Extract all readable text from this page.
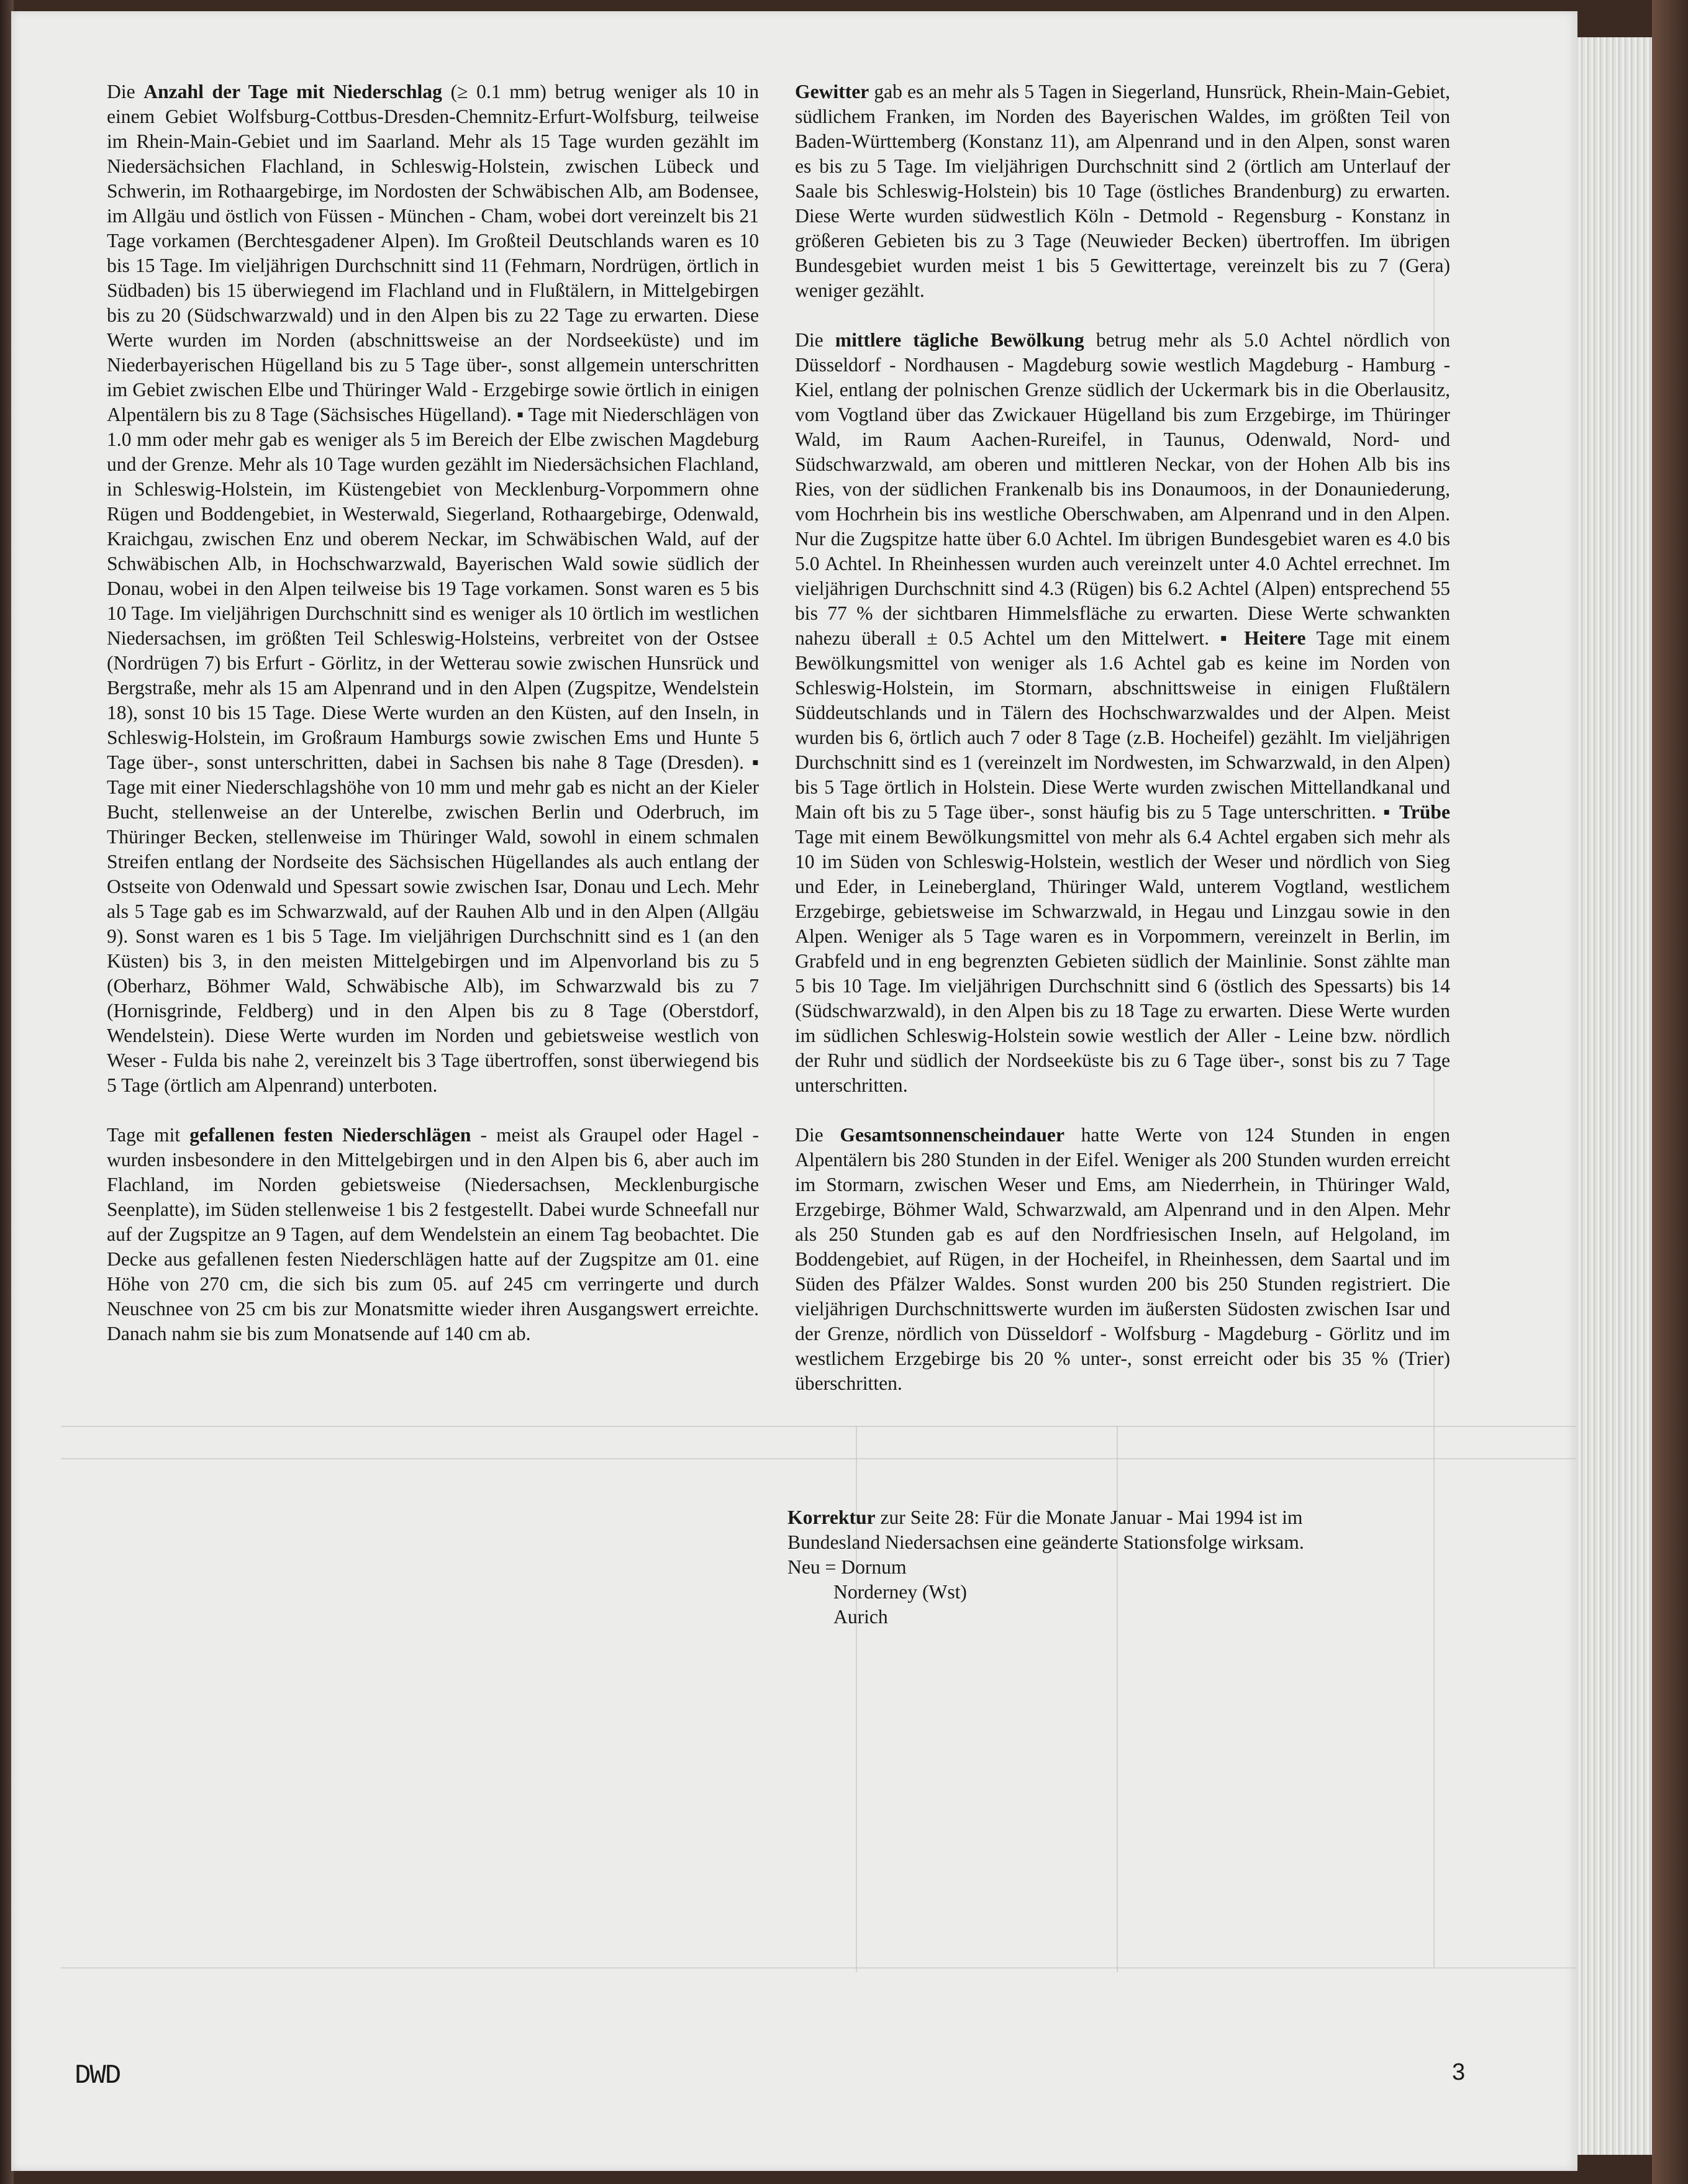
Die Anzahl der Tage mit Niederschlag (≥ 0.1 mm) betrug weniger als 10 in einem Gebiet Wolfsburg-Cottbus-Dresden-Chemnitz-Erfurt-Wolfsburg, teilweise im Rhein-Main-Gebiet und im Saarland. Mehr als 15 Tage wurden gezählt im Niedersächsichen Flachland, in Schleswig-Holstein, zwischen Lübeck und Schwerin, im Rothaargebirge, im Nordosten der Schwäbischen Alb, am Bodensee, im Allgäu und östlich von Füssen - München - Cham, wobei dort vereinzelt bis 21 Tage vorkamen (Berchtesgadener Alpen). Im Großteil Deutschlands waren es 10 bis 15 Tage. Im vieljährigen Durchschnitt sind 11 (Fehmarn, Nordrügen, örtlich in Südbaden) bis 15 überwiegend im Flachland und in Flußtälern, in Mittelgebirgen bis zu 20 (Südschwarzwald) und in den Alpen bis zu 22 Tage zu erwarten. Diese Werte wurden im Norden (abschnittsweise an der Nordseeküste) und im Niederbayerischen Hügelland bis zu 5 Tage über-, sonst allgemein unterschritten im Gebiet zwischen Elbe und Thüringer Wald - Erzgebirge sowie örtlich in einigen Alpentälern bis zu 8 Tage (Sächsisches Hügelland). ▪ Tage mit Niederschlägen von 1.0 mm oder mehr gab es weniger als 5 im Bereich der Elbe zwischen Magdeburg und der Grenze. Mehr als 10 Tage wurden gezählt im Niedersächsichen Flachland, in Schleswig-Holstein, im Küstengebiet von Mecklenburg-Vorpommern ohne Rügen und Boddengebiet, in Westerwald, Siegerland, Rothaargebirge, Odenwald, Kraichgau, zwischen Enz und oberem Neckar, im Schwäbischen Wald, auf der Schwäbischen Alb, in Hochschwarzwald, Bayerischen Wald sowie südlich der Donau, wobei in den Alpen teilweise bis 19 Tage vorkamen. Sonst waren es 5 bis 10 Tage. Im vieljährigen Durchschnitt sind es weniger als 10 örtlich im westlichen Niedersachsen, im größten Teil Schleswig-Holsteins, verbreitet von der Ostsee (Nordrügen 7) bis Erfurt - Görlitz, in der Wetterau sowie zwischen Hunsrück und Bergstraße, mehr als 15 am Alpenrand und in den Alpen (Zugspitze, Wendelstein 18), sonst 10 bis 15 Tage. Diese Werte wurden an den Küsten, auf den Inseln, in Schleswig-Holstein, im Großraum Hamburgs sowie zwischen Ems und Hunte 5 Tage über-, sonst unterschritten, dabei in Sachsen bis nahe 8 Tage (Dresden). ▪ Tage mit einer Niederschlagshöhe von 10 mm und mehr gab es nicht an der Kieler Bucht, stellenweise an der Unterelbe, zwischen Berlin und Oderbruch, im Thüringer Becken, stellenweise im Thüringer Wald, sowohl in einem schmalen Streifen entlang der Nordseite des Sächsischen Hügellandes als auch entlang der Ostseite von Odenwald und Spessart sowie zwischen Isar, Donau und Lech. Mehr als 5 Tage gab es im Schwarzwald, auf der Rauhen Alb und in den Alpen (Allgäu 9). Sonst waren es 1 bis 5 Tage. Im vieljährigen Durchschnitt sind es 1 (an den Küsten) bis 3, in den meisten Mittelgebirgen und im Alpenvorland bis zu 5 (Oberharz, Böhmer Wald, Schwäbische Alb), im Schwarzwald bis zu 7 (Hornisgrinde, Feldberg) und in den Alpen bis zu 8 Tage (Oberstdorf, Wendelstein). Diese Werte wurden im Norden und gebietsweise westlich von Weser - Fulda bis nahe 2, vereinzelt bis 3 Tage übertroffen, sonst überwiegend bis 5 Tage (örtlich am Alpenrand) unterboten.

Tage mit gefallenen festen Niederschlägen - meist als Graupel oder Hagel - wurden insbesondere in den Mittelgebirgen und in den Alpen bis 6, aber auch im Flachland, im Norden gebietsweise (Niedersachsen, Mecklenburgische Seenplatte), im Süden stellenweise 1 bis 2 festgestellt. Dabei wurde Schneefall nur auf der Zugspitze an 9 Tagen, auf dem Wendelstein an einem Tag beobachtet. Die Decke aus gefallenen festen Niederschlägen hatte auf der Zugspitze am 01. eine Höhe von 270 cm, die sich bis zum 05. auf 245 cm verringerte und durch Neuschnee von 25 cm bis zur Monatsmitte wieder ihren Ausgangswert erreichte. Danach nahm sie bis zum Monatsende auf 140 cm ab.

Gewitter gab es an mehr als 5 Tagen in Siegerland, Hunsrück, Rhein-Main-Gebiet, südlichem Franken, im Norden des Bayerischen Waldes, im größten Teil von Baden-Württemberg (Konstanz 11), am Alpenrand und in den Alpen, sonst waren es bis zu 5 Tage. Im vieljährigen Durchschnitt sind 2 (örtlich am Unterlauf der Saale bis Schleswig-Holstein) bis 10 Tage (östliches Brandenburg) zu erwarten. Diese Werte wurden südwestlich Köln - Detmold - Regensburg - Konstanz in größeren Gebieten bis zu 3 Tage (Neuwieder Becken) übertroffen. Im übrigen Bundesgebiet wurden meist 1 bis 5 Gewittertage, vereinzelt bis zu 7 (Gera) weniger gezählt.

Die mittlere tägliche Bewölkung betrug mehr als 5.0 Achtel nördlich von Düsseldorf - Nordhausen - Magdeburg sowie westlich Magdeburg - Hamburg - Kiel, entlang der polnischen Grenze südlich der Uckermark bis in die Oberlausitz, vom Vogtland über das Zwickauer Hügelland bis zum Erzgebirge, im Thüringer Wald, im Raum Aachen-Rureifel, in Taunus, Odenwald, Nord- und Südschwarzwald, am oberen und mittleren Neckar, von der Hohen Alb bis ins Ries, von der südlichen Frankenalb bis ins Donaumoos, in der Donauniederung, vom Hochrhein bis ins westliche Oberschwaben, am Alpenrand und in den Alpen. Nur die Zugspitze hatte über 6.0 Achtel. Im übrigen Bundesgebiet waren es 4.0 bis 5.0 Achtel. In Rheinhessen wurden auch vereinzelt unter 4.0 Achtel errechnet. Im vieljährigen Durchschnitt sind 4.3 (Rügen) bis 6.2 Achtel (Alpen) entsprechend 55 bis 77 % der sichtbaren Himmelsfläche zu erwarten. Diese Werte schwankten nahezu überall ± 0.5 Achtel um den Mittelwert. ▪ Heitere Tage mit einem Bewölkungsmittel von weniger als 1.6 Achtel gab es keine im Norden von Schleswig-Holstein, im Stormarn, abschnittsweise in einigen Flußtälern Süddeutschlands und in Tälern des Hochschwarzwaldes und der Alpen. Meist wurden bis 6, örtlich auch 7 oder 8 Tage (z.B. Hocheifel) gezählt. Im vieljährigen Durchschnitt sind es 1 (vereinzelt im Nordwesten, im Schwarzwald, in den Alpen) bis 5 Tage örtlich in Holstein. Diese Werte wurden zwischen Mittellandkanal und Main oft bis zu 5 Tage über-, sonst häufig bis zu 5 Tage unterschritten. ▪ Trübe Tage mit einem Bewölkungsmittel von mehr als 6.4 Achtel ergaben sich mehr als 10 im Süden von Schleswig-Holstein, westlich der Weser und nördlich von Sieg und Eder, in Leinebergland, Thüringer Wald, unterem Vogtland, westlichem Erzgebirge, gebietsweise im Schwarzwald, in Hegau und Linzgau sowie in den Alpen. Weniger als 5 Tage waren es in Vorpommern, vereinzelt in Berlin, im Grabfeld und in eng begrenzten Gebieten südlich der Mainlinie. Sonst zählte man 5 bis 10 Tage. Im vieljährigen Durchschnitt sind 6 (östlich des Spessarts) bis 14 (Südschwarzwald), in den Alpen bis zu 18 Tage zu erwarten. Diese Werte wurden im südlichen Schleswig-Holstein sowie westlich der Aller - Leine bzw. nördlich der Ruhr und südlich der Nordseeküste bis zu 6 Tage über-, sonst bis zu 7 Tage unterschritten.

Die Gesamtsonnenscheindauer hatte Werte von 124 Stunden in engen Alpentälern bis 280 Stunden in der Eifel. Weniger als 200 Stunden wurden erreicht im Stormarn, zwischen Weser und Ems, am Niederrhein, in Thüringer Wald, Erzgebirge, Böhmer Wald, Schwarzwald, am Alpenrand und in den Alpen. Mehr als 250 Stunden gab es auf den Nordfriesischen Inseln, auf Helgoland, im Boddengebiet, auf Rügen, in der Hocheifel, in Rheinhessen, dem Saartal und im Süden des Pfälzer Waldes. Sonst wurden 200 bis 250 Stunden registriert. Die vieljährigen Durchschnittswerte wurden im äußersten Südosten zwischen Isar und der Grenze, nördlich von Düsseldorf - Wolfsburg - Magdeburg - Görlitz und im westlichem Erzgebirge bis 20 % unter-, sonst erreicht oder bis 35 % (Trier) überschritten.

Korrektur zur Seite 28: Für die Monate Januar - Mai 1994 ist im
Bundesland Niedersachsen eine geänderte Stationsfolge wirksam.
Neu = Dornum
Norderney (Wst)
Aurich
DWD	3
